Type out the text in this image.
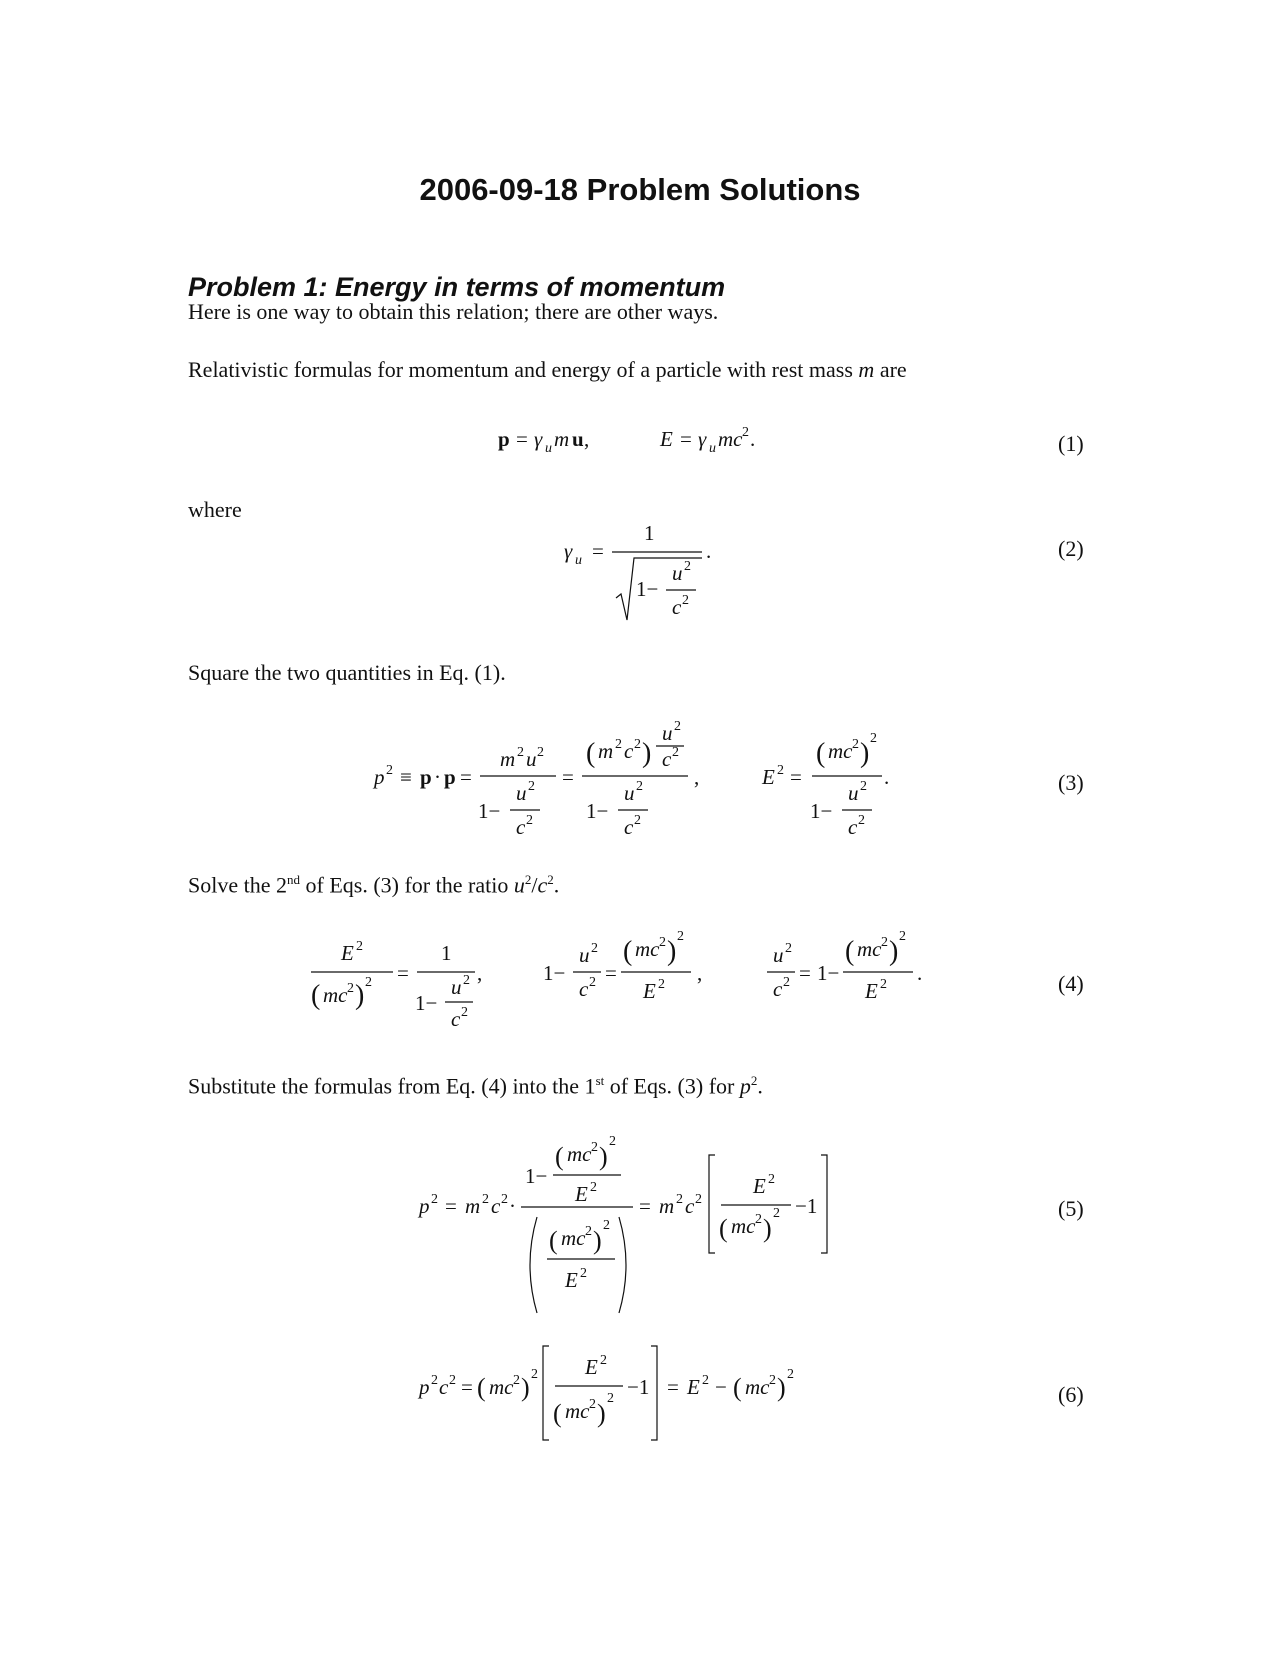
2006-09-18 Problem Solutions
Problem 1: Energy in terms of momentum
Here is one way to obtain this relation; there are other ways.
Relativistic formulas for momentum and energy of a particle with rest mass m are
p = γ u m u ,	E = γ u mc 2 .	(1)
where
γ u =
1
1−
u 2
c 2
.	(2)
Square the two quantities in Eq. (1).
p 2 ≡ p · p =
m 2 u 2
1−
u 2
c 2
=
( m 2 c 2 )
u 2
c 2
1−
u 2
c 2
,	E 2 =
( mc 2 ) 2
1−
u 2
c 2
.	(3)
Solve the 2nd of Eqs. (3) for the ratio $u^2/c^2$.
E 2
( mc 2 ) 2 =
1
1−
u 2
c 2
,	1−
u 2
c 2 =
( mc 2 ) 2
E 2 ,
u 2
c 2 = 1−
( mc 2 ) 2
E 2 .	(4)
Substitute the formulas from Eq. (4) into the 1st of Eqs. (3) for $p^2$.
p 2 = m 2 c 2 ·
1−
( mc 2 )
2
E 2
( mc 2 )
2
E 2
= m 2 c 2
E 2
( mc 2 )
2 −1	(5)
p 2 c 2 = ( mc 2 ) 2 E 2
( mc 2 )
2 −1 = E 2 − ( mc 2 ) 2
(6)
